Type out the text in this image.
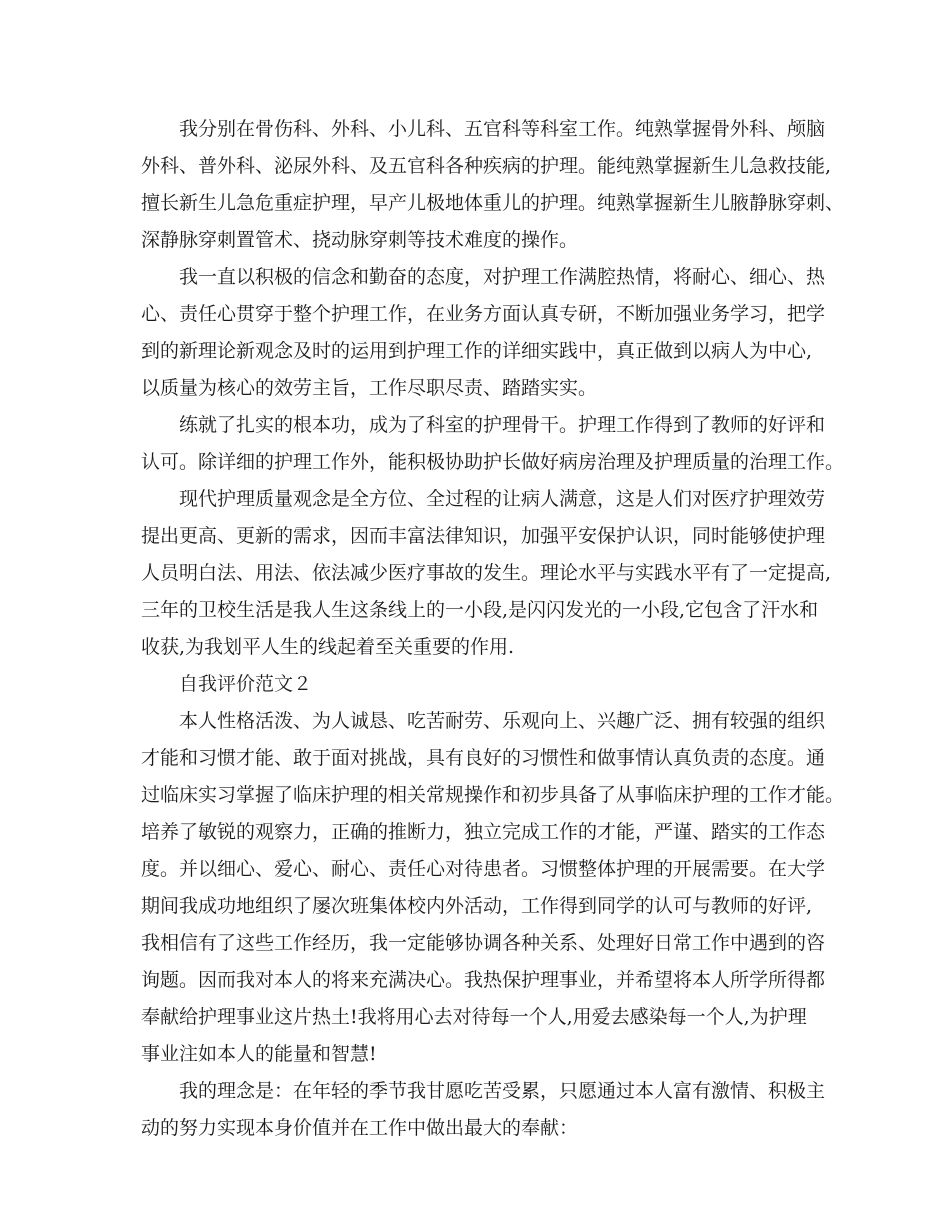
我分别在骨伤科、外科、小儿科、五官科等科室工作。纯熟掌握骨外科、颅脑
外科、普外科、泌尿外科、及五官科各种疾病的护理。能纯熟掌握新生儿急救技能,
擅长新生儿急危重症护理，早产儿极地体重儿的护理。纯熟掌握新生儿腋静脉穿刺、
深静脉穿刺置管术、挠动脉穿刺等技术难度的操作。
我一直以积极的信念和勤奋的态度，对护理工作满腔热情，将耐心、细心、热
心、责任心贯穿于整个护理工作，在业务方面认真专研，不断加强业务学习，把学
到的新理论新观念及时的运用到护理工作的详细实践中，真正做到以病人为中心,
以质量为核心的效劳主旨，工作尽职尽责、踏踏实实。
练就了扎实的根本功，成为了科室的护理骨干。护理工作得到了教师的好评和
认可。除详细的护理工作外，能积极协助护长做好病房治理及护理质量的治理工作。
现代护理质量观念是全方位、全过程的让病人满意，这是人们对医疗护理效劳
提出更高、更新的需求，因而丰富法律知识，加强平安保护认识，同时能够使护理
人员明白法、用法、依法减少医疗事故的发生。理论水平与实践水平有了一定提高,
三年的卫校生活是我人生这条线上的一小段,是闪闪发光的一小段,它包含了汗水和
收获,为我划平人生的线起着至关重要的作用.
自我评价范文２
本人性格活泼、为人诚恳、吃苦耐劳、乐观向上、兴趣广泛、拥有较强的组织
才能和习惯才能、敢于面对挑战，具有良好的习惯性和做事情认真负责的态度。通
过临床实习掌握了临床护理的相关常规操作和初步具备了从事临床护理的工作才能。
培养了敏锐的观察力，正确的推断力，独立完成工作的才能，严谨、踏实的工作态
度。并以细心、爱心、耐心、责任心对待患者。习惯整体护理的开展需要。在大学
期间我成功地组织了屡次班集体校内外活动，工作得到同学的认可与教师的好评,
我相信有了这些工作经历，我一定能够协调各种关系、处理好日常工作中遇到的咨
询题。因而我对本人的将来充满决心。我热保护理事业，并希望将本人所学所得都
奉献给护理事业这片热土!我将用心去对待每一个人,用爱去感染每一个人,为护理
事业注如本人的能量和智慧!
我的理念是：在年轻的季节我甘愿吃苦受累，只愿通过本人富有激情、积极主
动的努力实现本身价值并在工作中做出最大的奉献：
